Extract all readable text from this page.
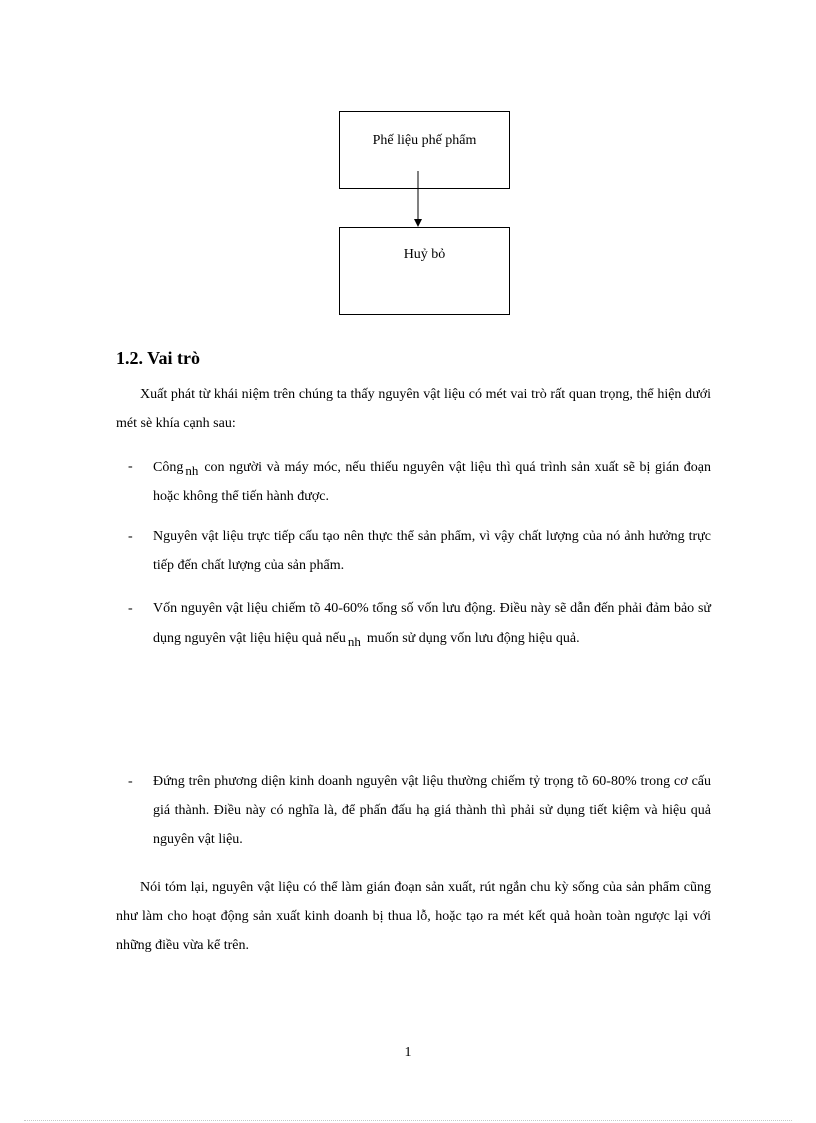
Phế liệu phế phẩm
Huỷ bỏ
1.2. Vai trò
Xuất phát từ khái niệm trên chúng ta thấy nguyên vật liệu có mét vai trò rất quan trọng, thể hiện dưới mét sè khía cạnh sau:
-	Công nh con người và máy móc, nếu thiếu nguyên vật liệu thì quá trình sản xuất sẽ bị gián đoạn hoặc không thể tiến hành được.
-	Nguyên vật liệu trực tiếp cấu tạo nên thực thể sản phẩm, vì vậy chất lượng của nó ảnh hưởng trực tiếp đến chất lượng của sản phẩm.
-	Vốn nguyên vật liệu chiếm tõ 40-60% tổng số vốn lưu động. Điều này sẽ dẫn đến phải đảm bảo sử dụng nguyên vật liệu hiệu quả nếu nh muốn sử dụng vốn lưu động hiệu quả.
-	Đứng trên phương diện kinh doanh nguyên vật liệu thường chiếm tỷ trọng tõ 60-80% trong cơ cấu giá thành. Điều này có nghĩa là, để phấn đấu hạ giá thành thì phải sử dụng tiết kiệm và hiệu quả nguyên vật liệu.
Nói tóm lại, nguyên vật liệu có thể làm gián đoạn sản xuất, rút ngắn chu kỳ sống của sản phẩm cũng như làm cho hoạt động sản xuất kinh doanh bị thua lỗ, hoặc tạo ra mét kết quả hoàn toàn ngược lại với những điều vừa kể trên.
1
